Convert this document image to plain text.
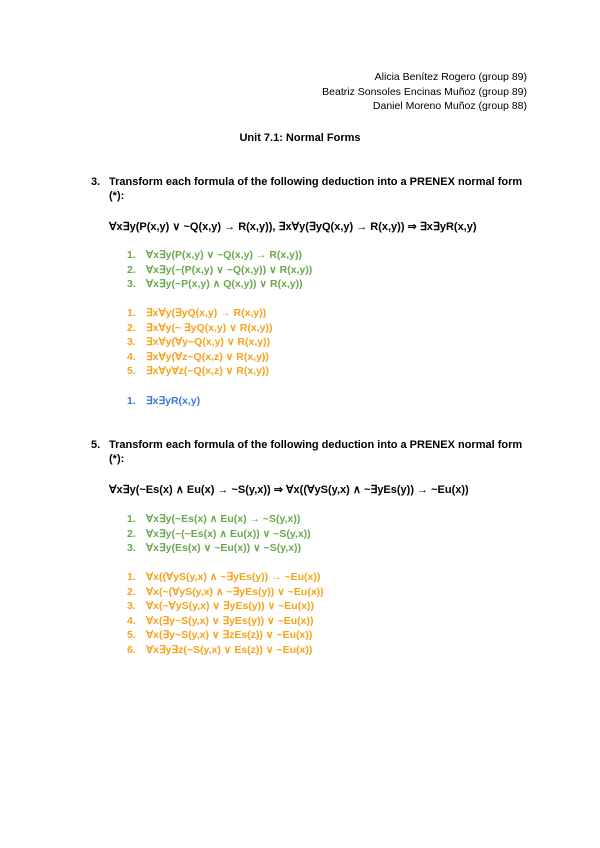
Alicia Benítez Rogero (group 89)
Beatriz Sonsoles Encinas Muñoz (group 89)
Daniel Moreno Muñoz (group 88)
Unit 7.1: Normal Forms
3. Transform each formula of the following deduction into a PRENEX normal form (*):
∀x∃y(P(x,y) ∨ ~Q(x,y) → R(x,y)), ∃x∀y(∃yQ(x,y) → R(x,y)) ⇒ ∃x∃yR(x,y)
1. ∀x∃y(P(x,y) ∨ ~Q(x,y) → R(x,y))
2. ∀x∃y(~(P(x,y) ∨ ~Q(x,y)) ∨ R(x,y))
3. ∀x∃y(~P(x,y) ∧ Q(x,y)) ∨ R(x,y))
1. ∃x∀y(∃yQ(x,y) → R(x,y))
2. ∃x∀y(~ ∃yQ(x,y) ∨ R(x,y))
3. ∃x∀y(∀y~Q(x,y) ∨ R(x,y))
4. ∃x∀y(∀z~Q(x,z) ∨ R(x,y))
5. ∃x∀y∀z(~Q(x,z) ∨ R(x,y))
1. ∃x∃yR(x,y)
5. Transform each formula of the following deduction into a PRENEX normal form (*):
∀x∃y(~Es(x) ∧ Eu(x) → ~S(y,x)) ⇒ ∀x((∀yS(y,x) ∧ ~∃yEs(y)) → ~Eu(x))
1. ∀x∃y(~Es(x) ∧ Eu(x) → ~S(y,x))
2. ∀x∃y(~(~Es(x) ∧ Eu(x)) ∨ ~S(y,x))
3. ∀x∃y(Es(x) ∨ ~Eu(x)) ∨ ~S(y,x))
1. ∀x((∀yS(y,x) ∧ ~∃yEs(y)) → ~Eu(x))
2. ∀x(~(∀yS(y,x) ∧ ~∃yEs(y)) ∨ ~Eu(x))
3. ∀x(~∀yS(y,x) ∨ ∃yEs(y)) ∨ ~Eu(x))
4. ∀x(∃y~S(y,x) ∨ ∃yEs(y)) ∨ ~Eu(x))
5. ∀x(∃y~S(y,x) ∨ ∃zEs(z)) ∨ ~Eu(x))
6. ∀x∃y∃z(~S(y,x) ∨ Es(z)) ∨ ~Eu(x))
